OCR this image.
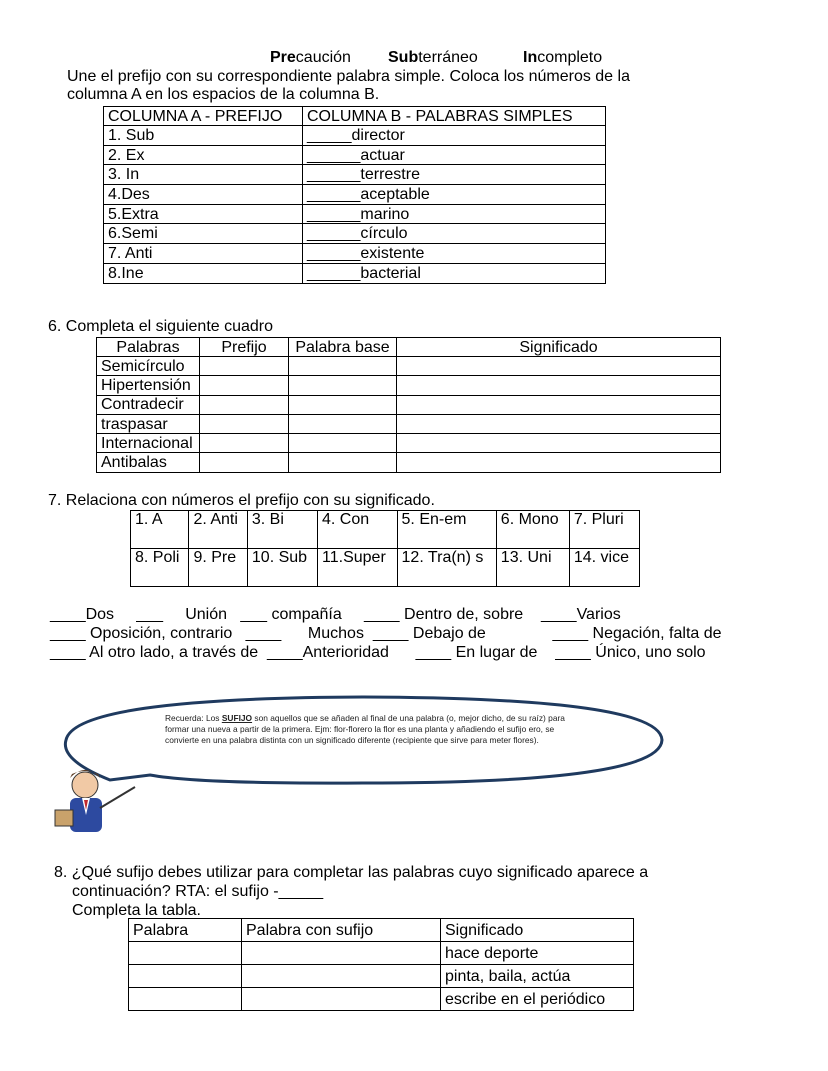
Precaución Subterráneo	Incompleto
Une el prefijo con su correspondiente palabra simple. Coloca los números de la
columna A en los espacios de la columna B.
COLUMNA A - PREFIJO	COLUMNA B - PALABRAS SIMPLES
1. Sub	_____director
2. Ex	______actuar
3. In	______terrestre
4.Des	______aceptable
5.Extra	______marino
6.Semi	______círculo
7. Anti	______existente
8.Ine	______bacterial
6. Completa el siguiente cuadro
Palabras	Prefijo	Palabra base	Significado
Semicírculo			
Hipertensión			
Contradecir			
traspasar			
Internacional			
Antibalas			
7. Relaciona con números el prefijo con su significado.
1. A	2. Anti	3. Bi	4. Con	5. En-em	6. Mono	7. Pluri
8. Poli	9. Pre	10. Sub	11.Super	12. Tra(n) s	13. Uni	14. vice
____Dos     ___     Unión   ___ compañía     ____ Dentro de, sobre    ____Varios
____ Oposición, contrario   ____      Muchos  ____ Debajo de               ____ Negación, falta de
____ Al otro lado, a través de  ____Anterioridad      ____ En lugar de    ____ Único, uno solo
Recuerda: Los SUFIJO son aquellos que se añaden al final de una palabra (o, mejor dicho, de su raíz) para formar una nueva a partir de la primera. Ejm: flor-florero la flor es una planta y añadiendo el sufijo ero, se convierte en una palabra distinta con un significado diferente (recipiente que sirve para meter flores).
8. ¿Qué sufijo debes utilizar para completar las palabras cuyo significado aparece a
continuación? RTA: el sufijo -_____
Completa la tabla.
Palabra	Palabra con sufijo	Significado
		hace deporte
		pinta, baila, actúa
		escribe en el periódico
